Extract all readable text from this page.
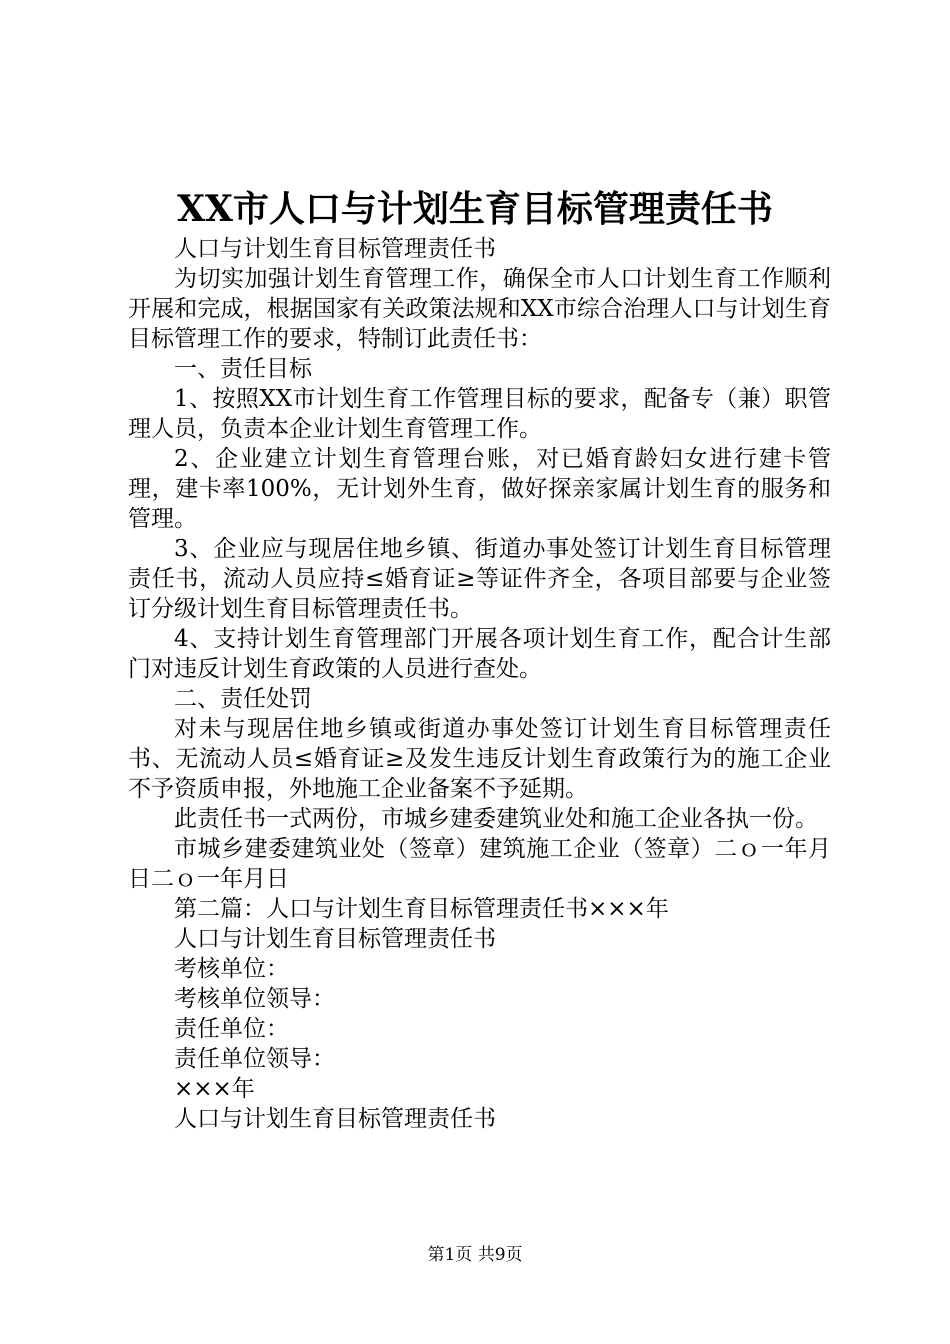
XX市人口与计划生育目标管理责任书

人口与计划生育目标管理责任书

为切实加强计划生育管理工作，确保全市人口计划生育工作顺利开展和完成，根据国家有关政策法规和XX市综合治理人口与计划生育目标管理工作的要求，特制订此责任书：

一、责任目标

1、按照XX市计划生育工作管理目标的要求，配备专（兼）职管理人员，负责本企业计划生育管理工作。

2、企业建立计划生育管理台账，对已婚育龄妇女进行建卡管理，建卡率100%，无计划外生育，做好探亲家属计划生育的服务和管理。

3、企业应与现居住地乡镇、街道办事处签订计划生育目标管理责任书，流动人员应持≤婚育证≥等证件齐全，各项目部要与企业签订分级计划生育目标管理责任书。

4、支持计划生育管理部门开展各项计划生育工作，配合计生部门对违反计划生育政策的人员进行查处。

二、责任处罚

对未与现居住地乡镇或街道办事处签订计划生育目标管理责任书、无流动人员≤婚育证≥及发生违反计划生育政策行为的施工企业不予资质申报，外地施工企业备案不予延期。

此责任书一式两份，市城乡建委建筑业处和施工企业各执一份。

市城乡建委建筑业处（签章）建筑施工企业（签章）二ｏ一年月日二ｏ一年月日

第二篇：人口与计划生育目标管理责任书×××年

人口与计划生育目标管理责任书

考核单位：

考核单位领导：

责任单位：

责任单位领导：

×××年

人口与计划生育目标管理责任书

第1页 共9页
